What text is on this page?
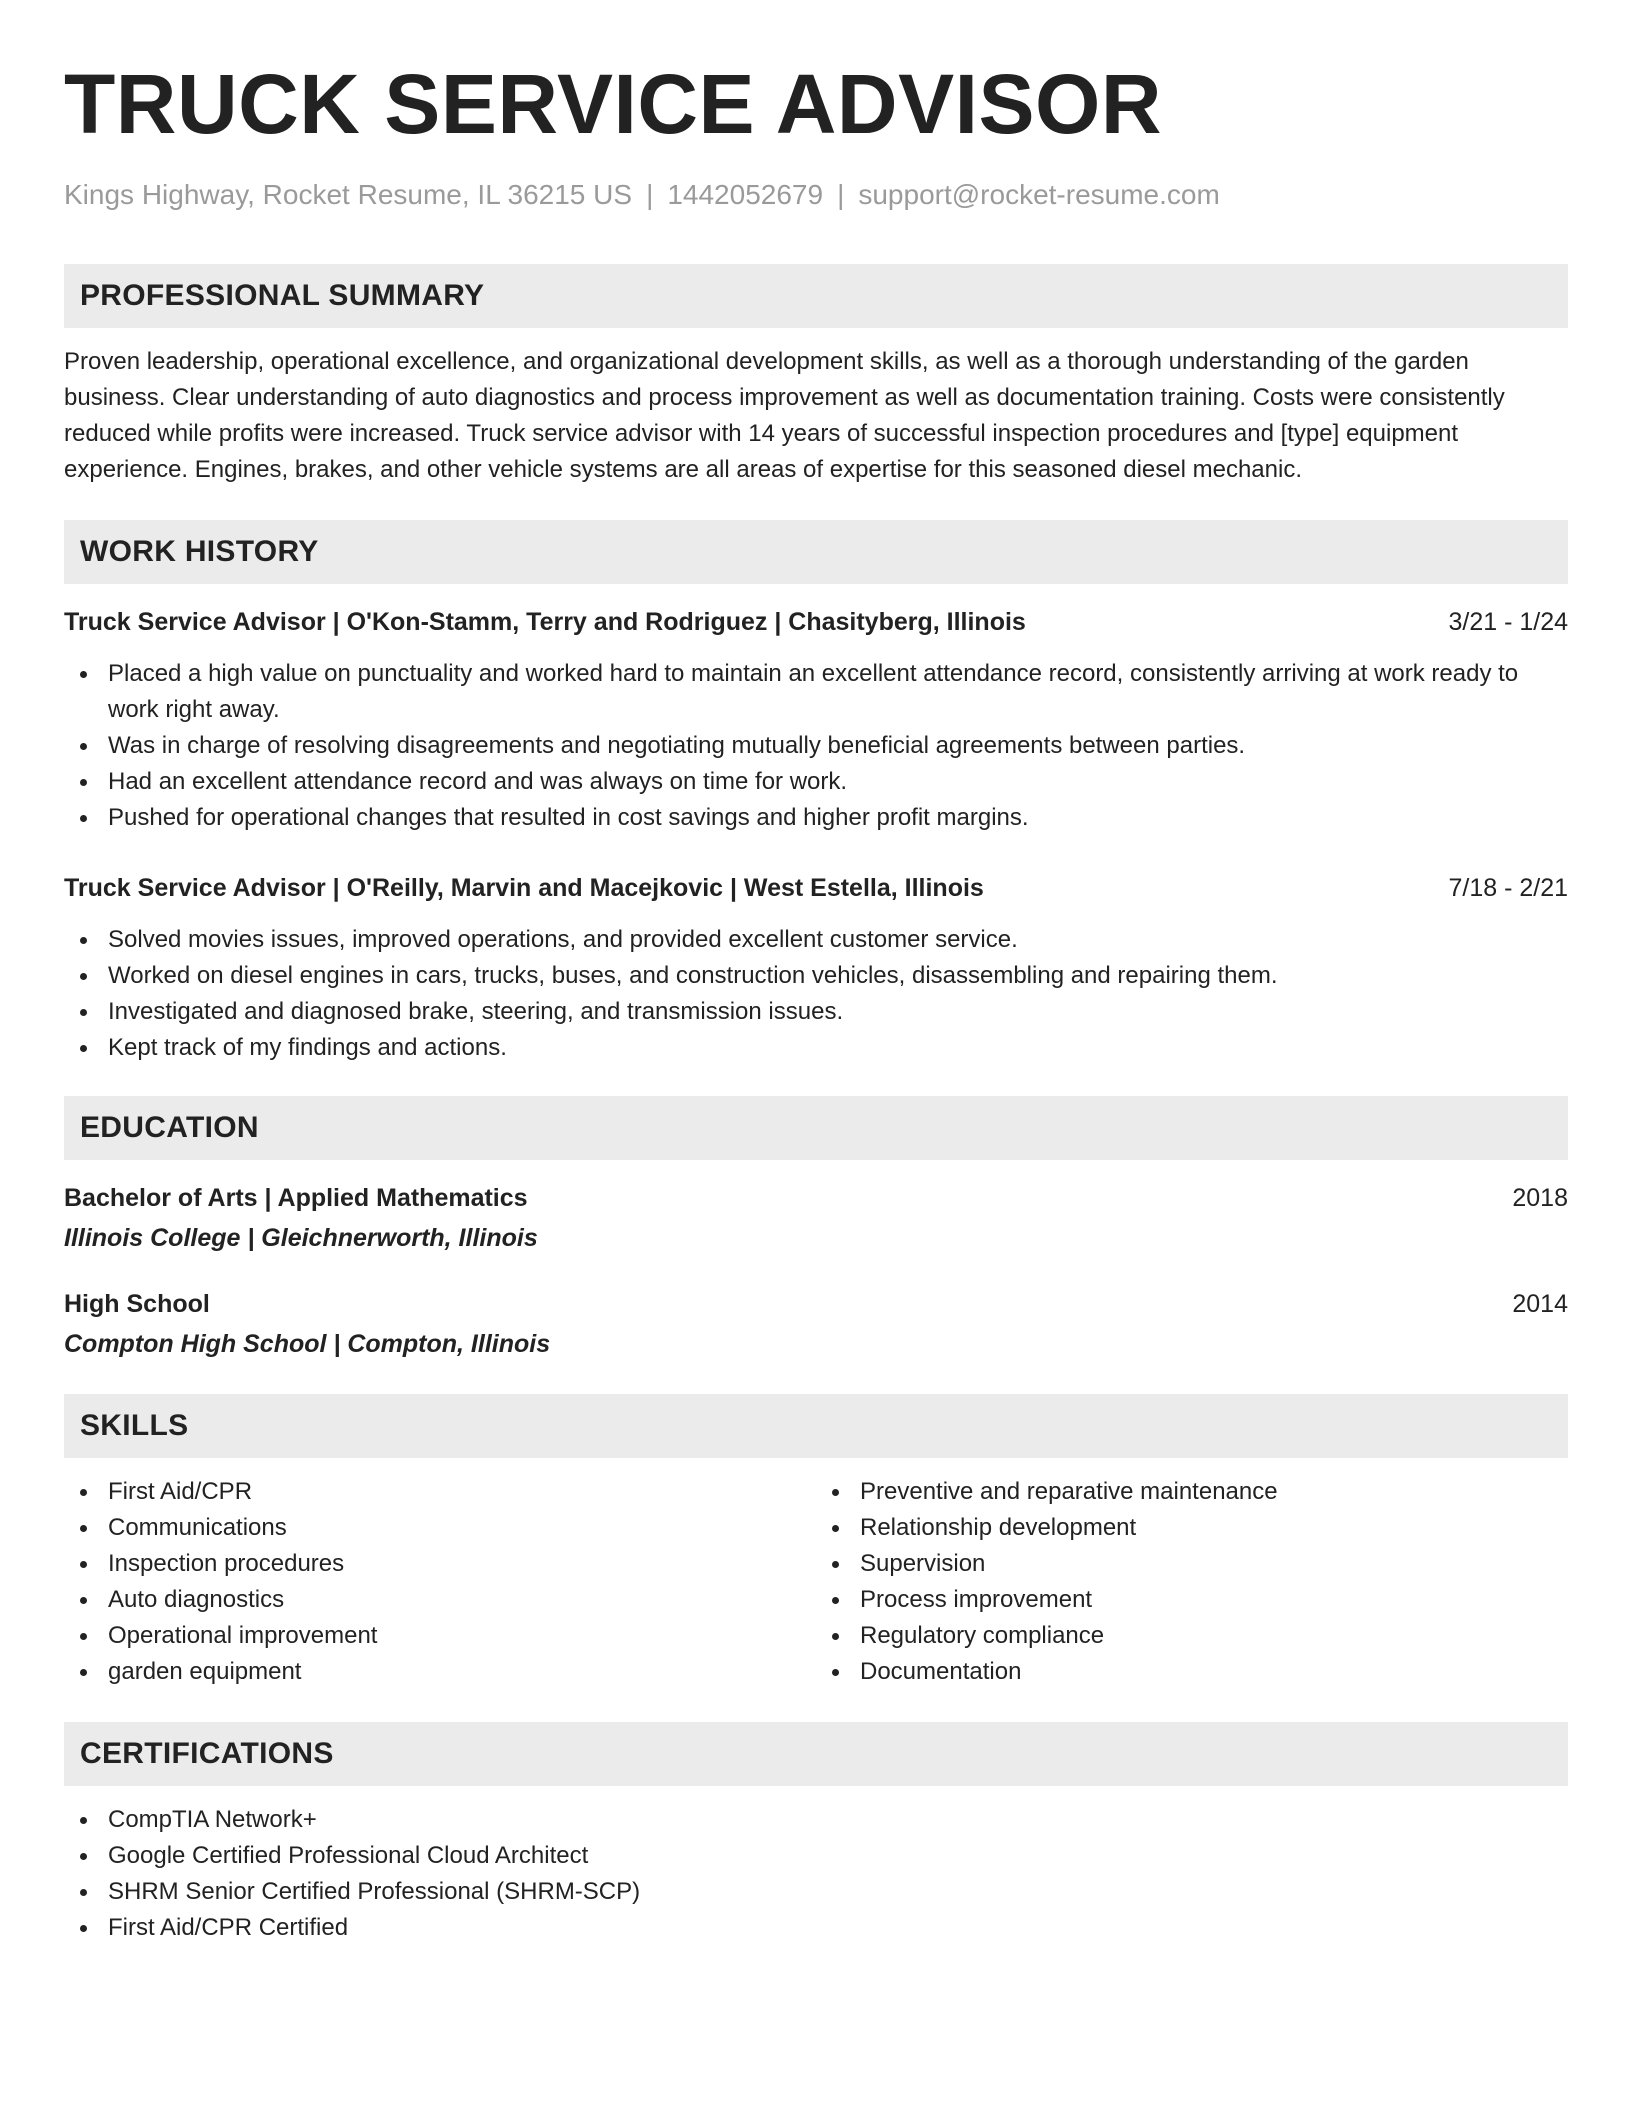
TRUCK SERVICE ADVISOR
Kings Highway, Rocket Resume, IL 36215 US | 1442052679 | support@rocket-resume.com
PROFESSIONAL SUMMARY

Proven leadership, operational excellence, and organizational development skills, as well as a thorough understanding of the garden business. Clear understanding of auto diagnostics and process improvement as well as documentation training. Costs were consistently reduced while profits were increased. Truck service advisor with 14 years of successful inspection procedures and [type] equipment experience. Engines, brakes, and other vehicle systems are all areas of expertise for this seasoned diesel mechanic.

WORK HISTORY
Truck Service Advisor | O'Kon-Stamm, Terry and Rodriguez | Chasityberg, Illinois	3/21 - 1/24
Placed a high value on punctuality and worked hard to maintain an excellent attendance record, consistently arriving at work ready to work right away.
Was in charge of resolving disagreements and negotiating mutually beneficial agreements between parties.
Had an excellent attendance record and was always on time for work.
Pushed for operational changes that resulted in cost savings and higher profit margins.
Truck Service Advisor | O'Reilly, Marvin and Macejkovic | West Estella, Illinois	7/18 - 2/21
Solved movies issues, improved operations, and provided excellent customer service.
Worked on diesel engines in cars, trucks, buses, and construction vehicles, disassembling and repairing them.
Investigated and diagnosed brake, steering, and transmission issues.
Kept track of my findings and actions.
EDUCATION
Bachelor of Arts | Applied Mathematics	2018
Illinois College | Gleichnerworth, Illinois
High School	2014
Compton High School | Compton, Illinois
SKILLS
First Aid/CPR
Communications
Inspection procedures
Auto diagnostics
Operational improvement
garden equipment
Preventive and reparative maintenance
Relationship development
Supervision
Process improvement
Regulatory compliance
Documentation
CERTIFICATIONS
CompTIA Network+
Google Certified Professional Cloud Architect
SHRM Senior Certified Professional (SHRM-SCP)
First Aid/CPR Certified
